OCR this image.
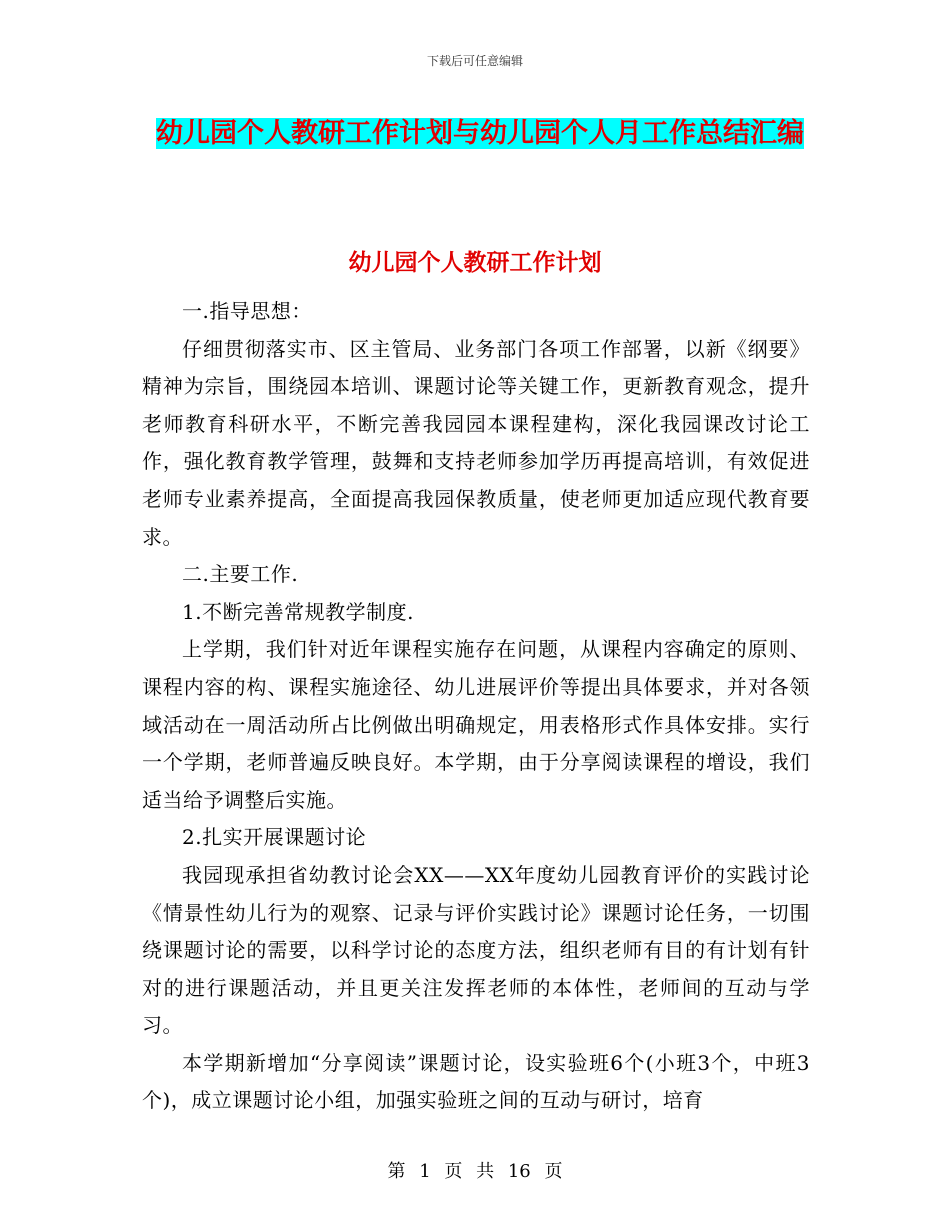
下载后可任意编辑
幼儿园个人教研工作计划与幼儿园个人月工作总结汇编
幼儿园个人教研工作计划

一.指导思想：

仔细贯彻落实市、区主管局、业务部门各项工作部署，以新《纲要》精神为宗旨，围绕园本培训、课题讨论等关键工作，更新教育观念，提升老师教育科研水平，不断完善我园园本课程建构，深化我园课改讨论工作，强化教育教学管理，鼓舞和支持老师参加学历再提高培训，有效促进老师专业素养提高，全面提高我园保教质量，使老师更加适应现代教育要求。

二.主要工作.

1.不断完善常规教学制度.

上学期，我们针对近年课程实施存在问题，从课程内容确定的原则、课程内容的构、课程实施途径、幼儿进展评价等提出具体要求，并对各领域活动在一周活动所占比例做出明确规定，用表格形式作具体安排。实行一个学期，老师普遍反映良好。本学期，由于分享阅读课程的增设，我们适当给予调整后实施。

2.扎实开展课题讨论

我园现承担省幼教讨论会XX——XX年度幼儿园教育评价的实践讨论《情景性幼儿行为的观察、记录与评价实践讨论》课题讨论任务，一切围绕课题讨论的需要，以科学讨论的态度方法，组织老师有目的有计划有针对的进行课题活动，并且更关注发挥老师的本体性，老师间的互动与学习。

本学期新增加“分享阅读”课题讨论，设实验班6个(小班3个，中班3个)，成立课题讨论小组，加强实验班之间的互动与研讨，培育

第 1 页 共 16 页
